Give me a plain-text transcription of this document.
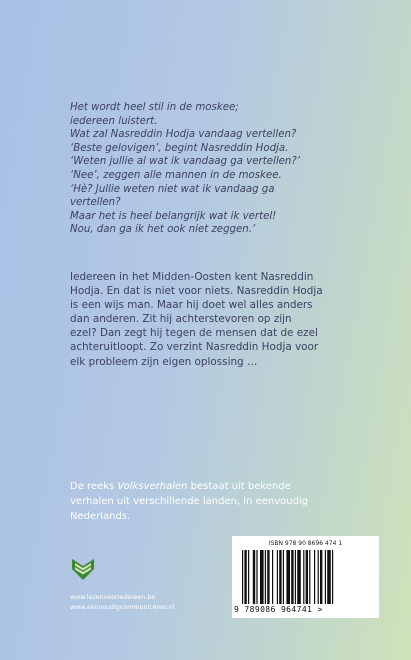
Het wordt heel stil in de moskee;
iedereen luistert.
Wat zal Nasreddin Hodja vandaag vertellen?
‘Beste gelovigen’, begint Nasreddin Hodja.
‘Weten jullie al wat ik vandaag ga vertellen?’
‘Nee’, zeggen alle mannen in de moskee.
‘Hè? Jullie weten niet wat ik vandaag ga
vertellen?
Maar het is heel belangrijk wat ik vertel!
Nou, dan ga ik het ook niet zeggen.’
Iedereen in het Midden-Oosten kent Nasreddin
Hodja. En dat is niet voor niets. Nasreddin Hodja
is een wijs man. Maar hij doet wel alles anders
dan anderen. Zit hij achterstevoren op zijn
ezel? Dan zegt hij tegen de mensen dat de ezel
achteruitloopt. Zo verzint Nasreddin Hodja voor
elk probleem zijn eigen oplossing …
De reeks Volksverhalen bestaat uit bekende
verhalen uit verschillende landen, in eenvoudig
Nederlands.
www.lezenvooriedereen.be
www.eenvoudigcommuniceren.nl
ISBN 978 90 8696 474 1
9 789086 964741 >
